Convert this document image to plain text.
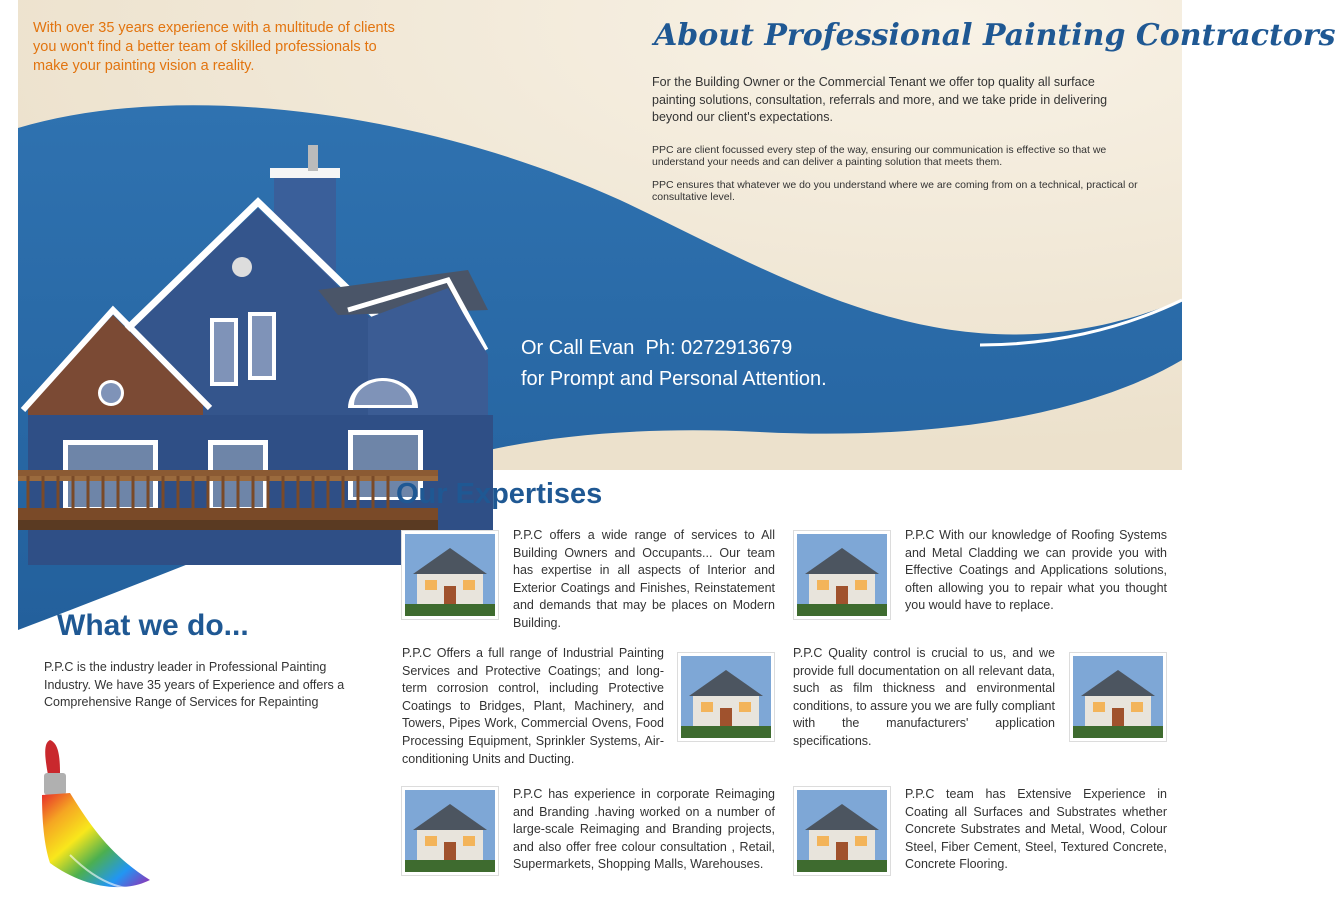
With over 35 years experience with a multitude of clients you won't find a better team of skilled professionals to make your painting vision a reality.

About Professional Painting Contractors

For the Building Owner or the Commercial Tenant we offer top quality all surface painting solutions, consultation, referrals and more, and we take pride in delivering beyond our client's expectations.

PPC are client focussed every step of the way, ensuring our communication is effective so that we understand your needs and can deliver a painting solution that meets them.

PPC ensures that whatever we do you understand where we are coming from on a technical, practical or consultative level.

Or Call Evan  Ph: 0272913679
for Prompt and Personal Attention.
Our Expertises

P.P.C offers a wide range of services to All Building Owners and Occupants... Our team has expertise in all aspects of Interior and Exterior Coatings and Finishes, Reinstatement and demands that may be places on Modern Building.

P.P.C With our knowledge of Roofing Systems and Metal Cladding we can provide you with Effective Coatings and Applications solutions, often allowing you to repair what you thought you would have to replace.

P.P.C Offers a full range of Industrial Painting Services and Protective Coatings; and long-term corrosion control, including Protective Coatings to Bridges, Plant, Machinery, and Towers, Pipes Work, Commercial Ovens, Food Processing Equipment, Sprinkler Systems, Air-conditioning Units and Ducting.

P.P.C Quality control is crucial to us, and we provide full documentation on all relevant data, such as film thickness and environmental conditions, to assure you we are fully compliant with the manufacturers' application specifications.

P.P.C has experience in corporate Reimaging and Branding .having worked on a number of large-scale Reimaging and Branding projects, and also offer free colour consultation , Retail, Supermarkets, Shopping Malls, Warehouses.

P.P.C team has Extensive Experience in Coating all Surfaces and Substrates whether Concrete Substrates and Metal, Wood, Colour Steel, Fiber Cement, Steel, Textured Concrete, Concrete Flooring.

What we do...

P.P.C is the industry leader in Professional Painting Industry. We have 35 years of Experience and offers a Comprehensive Range of Services for Repainting
